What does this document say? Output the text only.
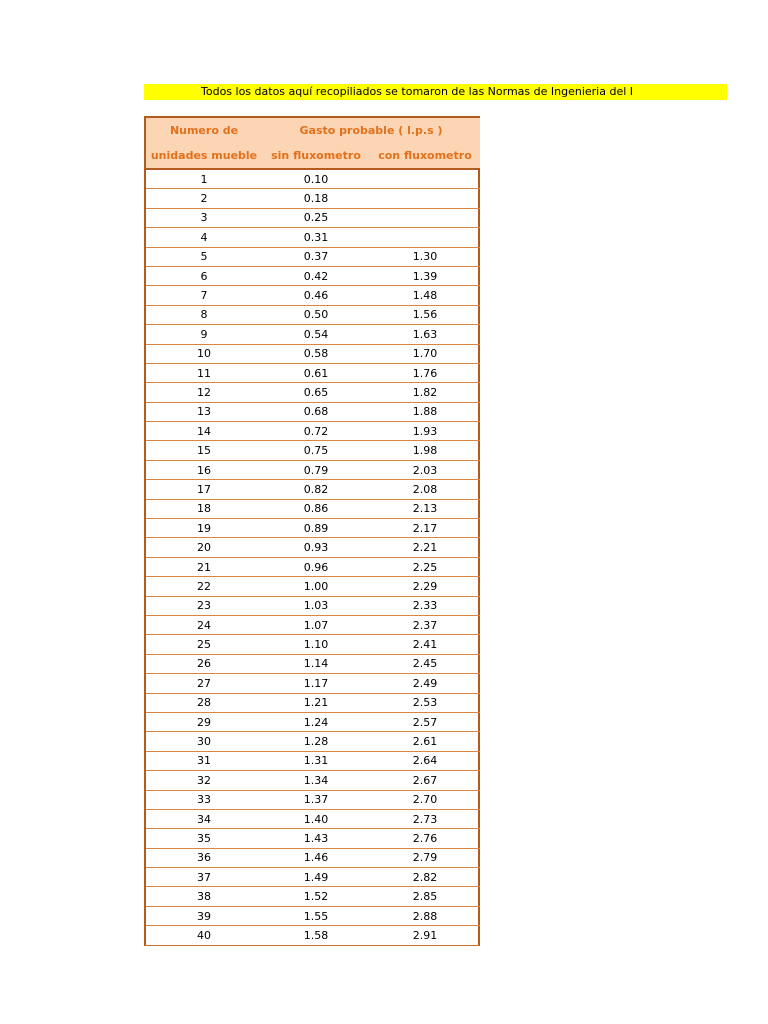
Todos los datos aquí recopiliados se tomaron de las Normas de Ingenieria del I
Numero de	Gasto probable ( l.p.s )	
unidades mueble	sin fluxometro	con fluxometro
1	0.10	
2	0.18	
3	0.25	
4	0.31	
5	0.37	1.30
6	0.42	1.39
7	0.46	1.48
8	0.50	1.56
9	0.54	1.63
10	0.58	1.70
11	0.61	1.76
12	0.65	1.82
13	0.68	1.88
14	0.72	1.93
15	0.75	1.98
16	0.79	2.03
17	0.82	2.08
18	0.86	2.13
19	0.89	2.17
20	0.93	2.21
21	0.96	2.25
22	1.00	2.29
23	1.03	2.33
24	1.07	2.37
25	1.10	2.41
26	1.14	2.45
27	1.17	2.49
28	1.21	2.53
29	1.24	2.57
30	1.28	2.61
31	1.31	2.64
32	1.34	2.67
33	1.37	2.70
34	1.40	2.73
35	1.43	2.76
36	1.46	2.79
37	1.49	2.82
38	1.52	2.85
39	1.55	2.88
40	1.58	2.91
